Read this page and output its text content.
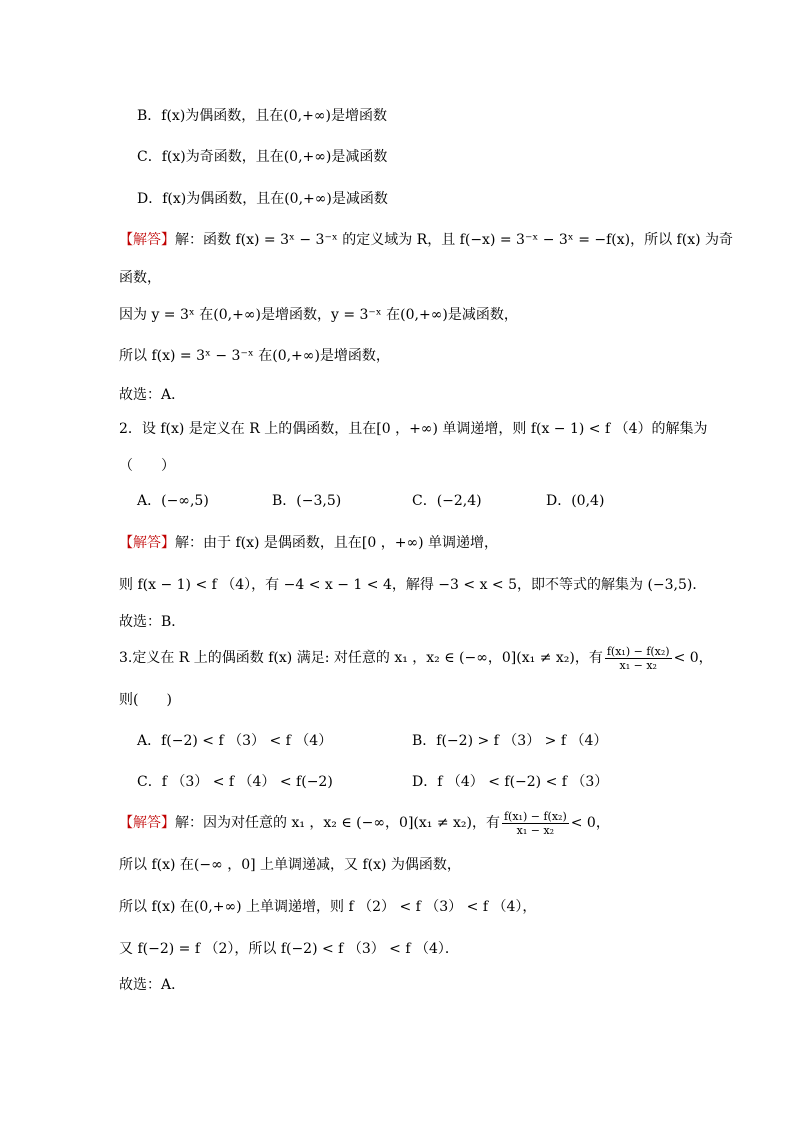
B．f(x)为偶函数，且在(0,+∞)是增函数
C．f(x)为奇函数，且在(0,+∞)是减函数
D．f(x)为偶函数，且在(0,+∞)是减函数
【解答】解：函数 f(x) = 3ˣ − 3⁻ˣ 的定义域为 R，且 f(−x) = 3⁻ˣ − 3ˣ = −f(x)，所以 f(x) 为奇
函数，
因为 y = 3ˣ 在(0,+∞)是增函数，y = 3⁻ˣ 在(0,+∞)是减函数，
所以 f(x) = 3ˣ − 3⁻ˣ 在(0,+∞)是增函数，
故选：A．
2．设 f(x) 是定义在 R 上的偶函数，且在[0 ，+∞) 单调递增，则 f(x − 1) < f （4）的解集为
（　　）
A．(−∞,5)	B．(−3,5)	C．(−2,4)	D．(0,4)
【解答】解：由于 f(x) 是偶函数，且在[0 ，+∞) 单调递增，
则 f(x − 1) < f （4），有 −4 < x − 1 < 4，解得 −3 < x < 5，即不等式的解集为 (−3,5)．
故选：B．
3.定义在 R 上的偶函数 f(x) 满足: 对任意的 x₁ ，x₂ ∈ (−∞，0](x₁ ≠ x₂)，有 $\frac{\text{f(x₁) − f(x₂)}}{\text{x₁ − x₂}} < 0$，
则(　　)
A．f(−2) < f （3） < f （4）	B．f(−2) > f （3） > f （4）
C．f （3） < f （4） < f(−2)	D．f （4） < f(−2) < f （3）
【解答】解：因为对任意的 x₁ ，x₂ ∈ (−∞，0](x₁ ≠ x₂)，有 $\frac{\text{f(x₁) − f(x₂)}}{\text{x₁ − x₂}} < 0$，
所以 f(x) 在(−∞ ，0] 上单调递减，又 f(x) 为偶函数，
所以 f(x) 在(0,+∞) 上单调递增，则 f （2） < f （3） < f （4），
又 f(−2) = f （2），所以 f(−2) < f （3） < f （4）．
故选：A．
